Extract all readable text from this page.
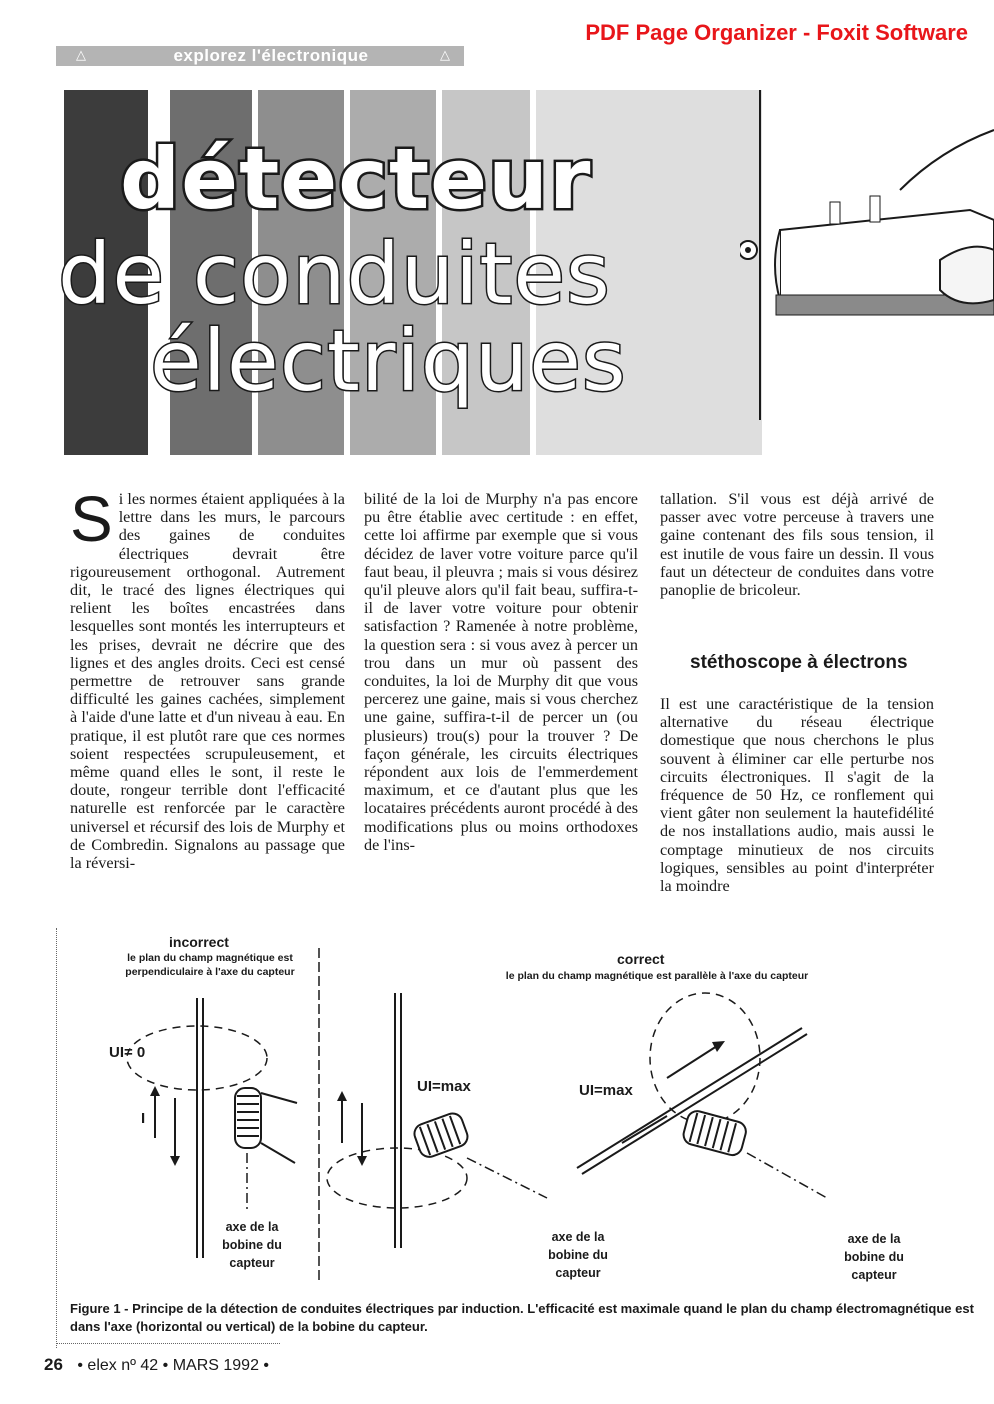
PDF Page Organizer - Foxit Software
△	explorez l'électronique	△
détecteur
de conduites
électriques
S i les normes étaient appliquées à la lettre dans les murs, le parcours des gaines de conduites électriques devrait être rigoureusement orthogonal. Autrement dit, le tracé des lignes électriques qui relient les boîtes encastrées dans lesquelles sont montés les interrupteurs et les prises, devrait ne décrire que des lignes et des angles droits. Ceci est censé permettre de retrouver sans grande difficulté les gaines cachées, simplement à l'aide d'une latte et d'un niveau à eau. En pratique, il est plutôt rare que ces normes soient respectées scrupuleusement, et même quand elles le sont, il reste le doute, rongeur terrible dont l'efficacité naturelle est renforcée par le caractère universel et récursif des lois de Murphy et de Combredin. Signalons au passage que la réversi-
bilité de la loi de Murphy n'a pas encore pu être établie avec certitude : en effet, cette loi affirme par exemple que si vous décidez de laver votre voiture parce qu'il faut beau, il pleuvra ; mais si vous désirez qu'il pleuve alors qu'il fait beau, suffira-t-il de laver votre voiture pour obtenir satisfaction ? Ramenée à notre problème, la question sera : si vous avez à percer un trou dans un mur où passent des conduites, la loi de Murphy dit que vous percerez une gaine, mais si vous cherchez une gaine, suffira-t-il de percer un (ou plusieurs) trou(s) pour la trouver ? De façon générale, les circuits électriques répondent aux lois de l'emmerdement maximum, et ce d'autant plus que les locataires précédents auront procédé à des modifications plus ou moins orthodoxes de l'ins-
tallation. S'il vous est déjà arrivé de passer avec votre perceuse à travers une gaine contenant des fils sous tension, il est inutile de vous faire un dessin. Il vous faut un détecteur de conduites dans votre panoplie de bricoleur.
stéthoscope à électrons
Il est une caractéristique de la tension alternative du réseau électrique domestique que nous cherchons le plus souvent à éliminer car elle perturbe nos circuits électroniques. Il s'agit de la fréquence de 50 Hz, ce ronflement qui vient gâter non seulement la hautefidélité de nos installations audio, mais aussi le comptage minutieux de nos circuits logiques, sensibles au point d'interpréter la moindre
incorrect
le plan du champ magnétique est
perpendiculaire à l'axe du capteur
correct
le plan du champ magnétique est parallèle à l'axe du capteur
UI= 0
UI=max	UI=max
I
axe de la
bobine du
capteur
axe de la
bobine du
capteur
axe de la
bobine du
capteur
Figure 1 - Principe de la détection de conduites électriques par induction. L'efficacité est maximale quand le plan du champ électromagnétique est dans l'axe (horizontal ou vertical) de la bobine du capteur.
26 • elex nº 42 • MARS 1992 •
